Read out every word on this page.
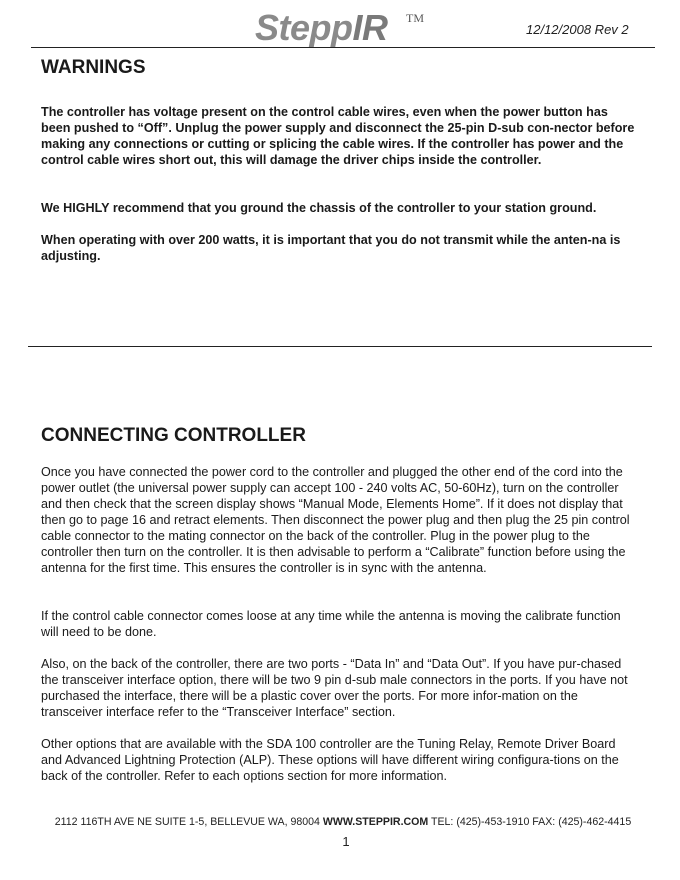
SteppIR TM
12/12/2008 Rev 2
WARNINGS

The controller has voltage present on the control cable wires, even when the power button has been pushed to “Off”. Unplug the power supply and disconnect the 25-pin D-sub con-nector before making any connections or cutting or splicing the cable wires. If the controller has power and the control cable wires short out, this will damage the driver chips inside the controller.

We HIGHLY recommend that you ground the chassis of the controller to your station ground.

When operating with over 200 watts, it is important that you do not transmit while the anten-na is adjusting.

CONNECTING CONTROLLER

Once you have connected the power cord to the controller and plugged the other end of the cord into the power outlet (the universal power supply can accept 100 - 240 volts AC, 50-60Hz), turn on the controller and then check that the screen display shows “Manual Mode, Elements Home”. If it does not display that then go to page 16 and retract elements. Then disconnect the power plug and then plug the 25 pin control cable connector to the mating connector on the back of the controller. Plug in the power plug to the controller then turn on the controller. It is then advisable to perform a “Calibrate” function before using the antenna for the first time. This ensures the controller is in sync with the antenna.

If the control cable connector comes loose at any time while the antenna is moving the calibrate function will need to be done.

Also, on the back of the controller, there are two ports - “Data In” and “Data Out”. If you have pur-chased the transceiver interface option, there will be two 9 pin d-sub male connectors in the ports. If you have not purchased the interface, there will be a plastic cover over the ports. For more infor-mation on the transceiver interface refer to the “Transceiver Interface” section.

Other options that are available with the SDA 100 controller are the Tuning Relay, Remote Driver Board and Advanced Lightning Protection (ALP). These options will have different wiring configura-tions on the back of the controller. Refer to each options section for more information.

2112 116TH AVE NE SUITE 1-5, BELLEVUE WA, 98004 WWW.STEPPIR.COM TEL: (425)-453-1910 FAX: (425)-462-4415
1
